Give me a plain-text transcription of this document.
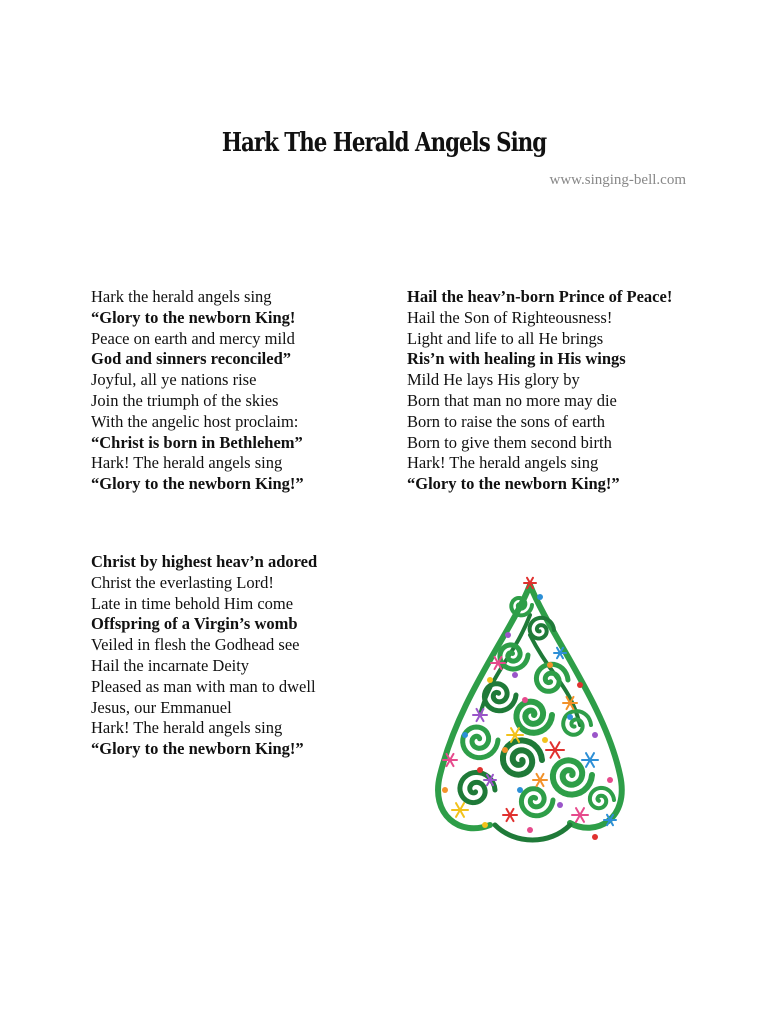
Hark The Herald Angels Sing
www.singing-bell.com
Hark the herald angels sing
“Glory to the newborn King!
Peace on earth and mercy mild
God and sinners reconciled”
Joyful, all ye nations rise
Join the triumph of the skies
With the angelic host proclaim:
“Christ is born in Bethlehem”
Hark! The herald angels sing
“Glory to the newborn King!”
Hail the heav’n-born Prince of Peace!
Hail the Son of Righteousness!
Light and life to all He brings
Ris’n with healing in His wings
Mild He lays His glory by
Born that man no more may die
Born to raise the sons of earth
Born to give them second birth
Hark! The herald angels sing
“Glory to the newborn King!”
Christ by highest heav’n adored
Christ the everlasting Lord!
Late in time behold Him come
Offspring of a Virgin’s womb
Veiled in flesh the Godhead see
Hail the incarnate Deity
Pleased as man with man to dwell
Jesus, our Emmanuel
Hark! The herald angels sing
“Glory to the newborn King!”
